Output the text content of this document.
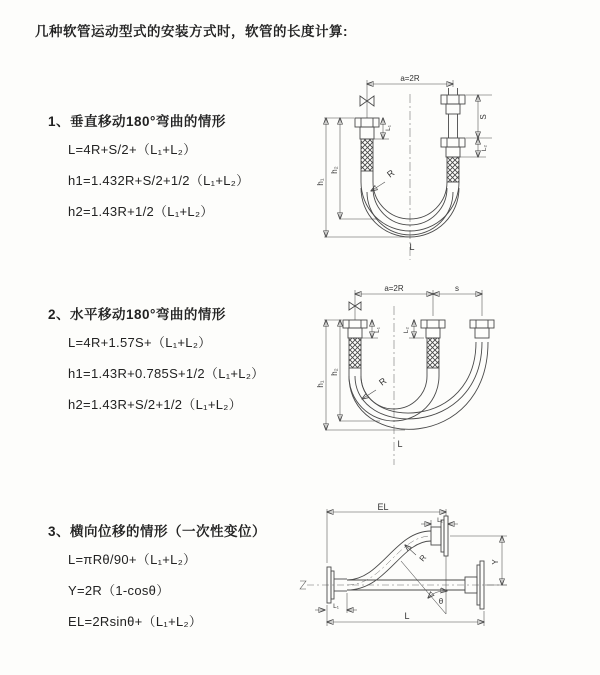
几种软管运动型式的安装方式时，软管的长度计算:

1、垂直移动180°弯曲的情形

L=4R+S/2+（L₁+L₂）

h1=1.432R+S/2+1/2（L₁+L₂）

h2=1.43R+1/2（L₁+L₂）

2、水平移动180°弯曲的情形

L=4R+1.57S+（L₁+L₂）

h1=1.43R+0.785S+1/2（L₁+L₂）

h2=1.43R+S/2+1/2（L₁+L₂）

3、横向位移的情形（一次性变位）

L=πRθ/90+（L₁+L₂）

Y=2R（1-cosθ）

EL=2Rsinθ+（L₁+L₂）

a=2R
h₂
h₁
L₁
S
L₂
R
L
a=2R	s
L₁	L₂
h₂
h₁	R
L
EL
L₁
Y
L
L₁
R
θ
